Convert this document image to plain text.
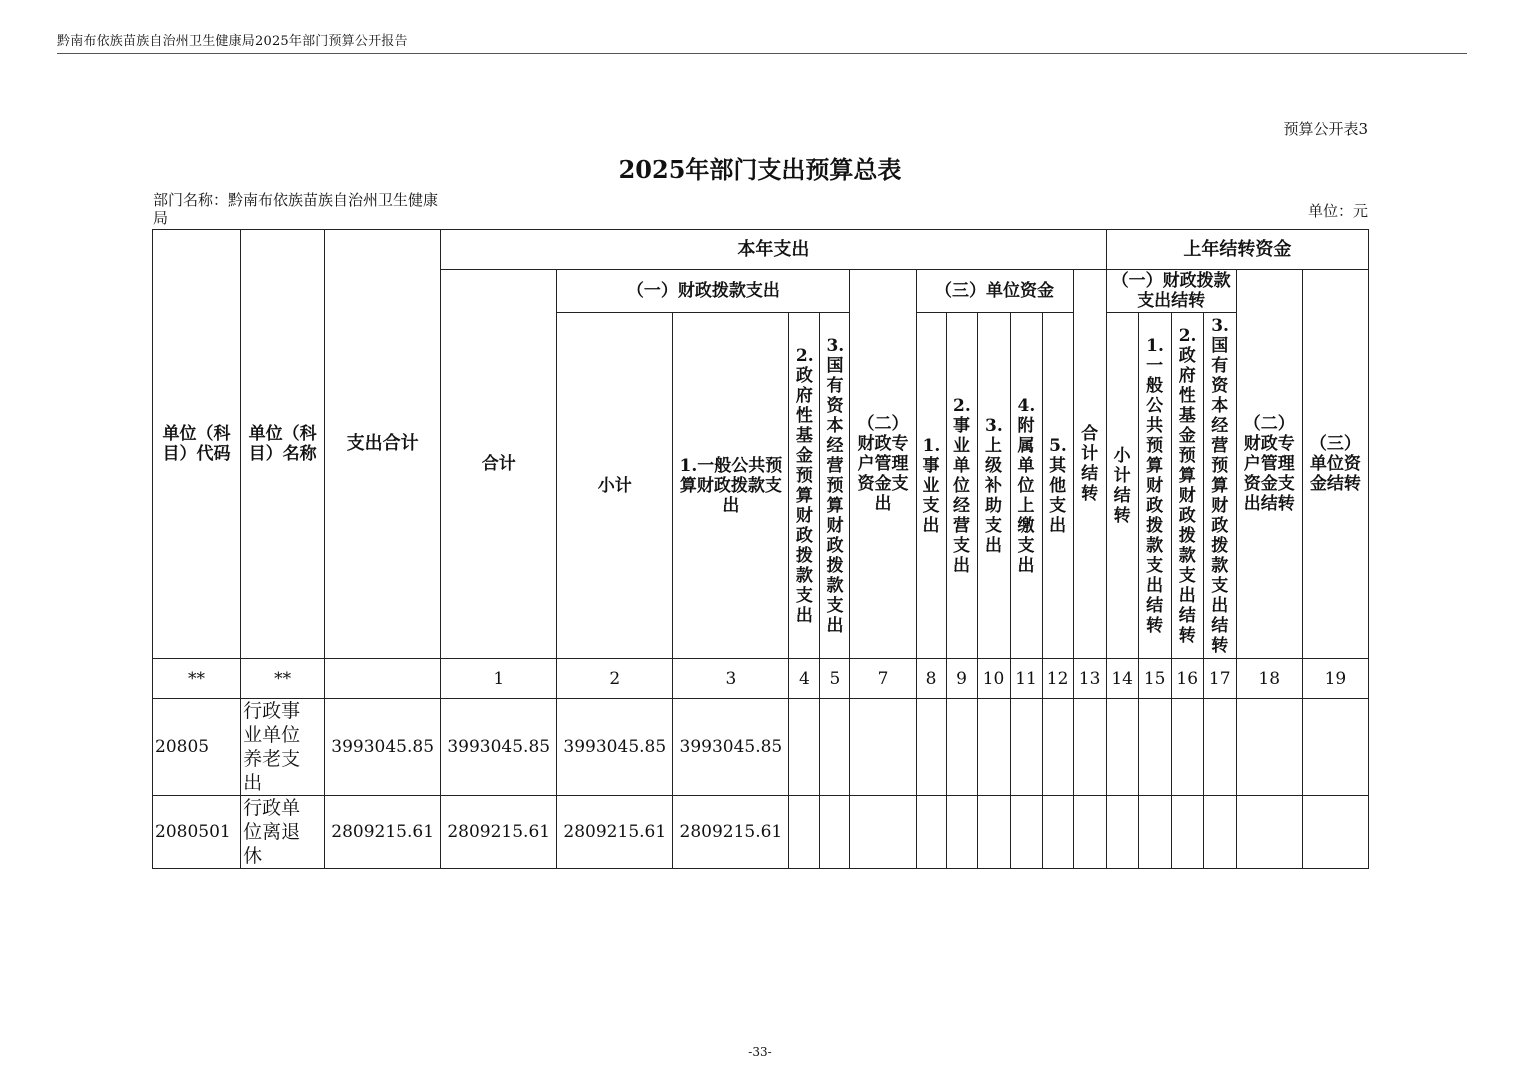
黔南布依族苗族自治州卫生健康局2025年部门预算公开报告
预算公开表3
2025年部门支出预算总表
部门名称：黔南布依族苗族自治州卫生健康局	单位：元
单位（科目）代码	单位（科目）名称	支出合计	本年支出												上年结转资金					
			合计	（一）财政拨款支出				（二）财政专户管理资金支出	（三）单位资金					合计结转	（一）财政拨款支出结转				（二）财政专户管理资金支出结转	（三）单位资金结转
				小计	1.一般公共预算财政拨款支出	2.政府性基金预算财政拨款支出	3.国有资本经营预算财政拨款支出		1.事业支出	2.事业单位经营支出	3.上级补助支出	4.附属单位上缴支出	5.其他支出		小计结转	1.一般公共预算财政拨款支出结转	2.政府性基金预算财政拨款支出结转	3.国有资本经营预算财政拨款支出结转		
**	**		1	2	3	4	5	7	8	9	10	11	12	13	14	15	16	17	18	19
20805	行政事业单位养老支出	3993045.85	3993045.85	3993045.85	3993045.85															
2080501	行政单位离退休	2809215.61	2809215.61	2809215.61	2809215.61															
-33-
